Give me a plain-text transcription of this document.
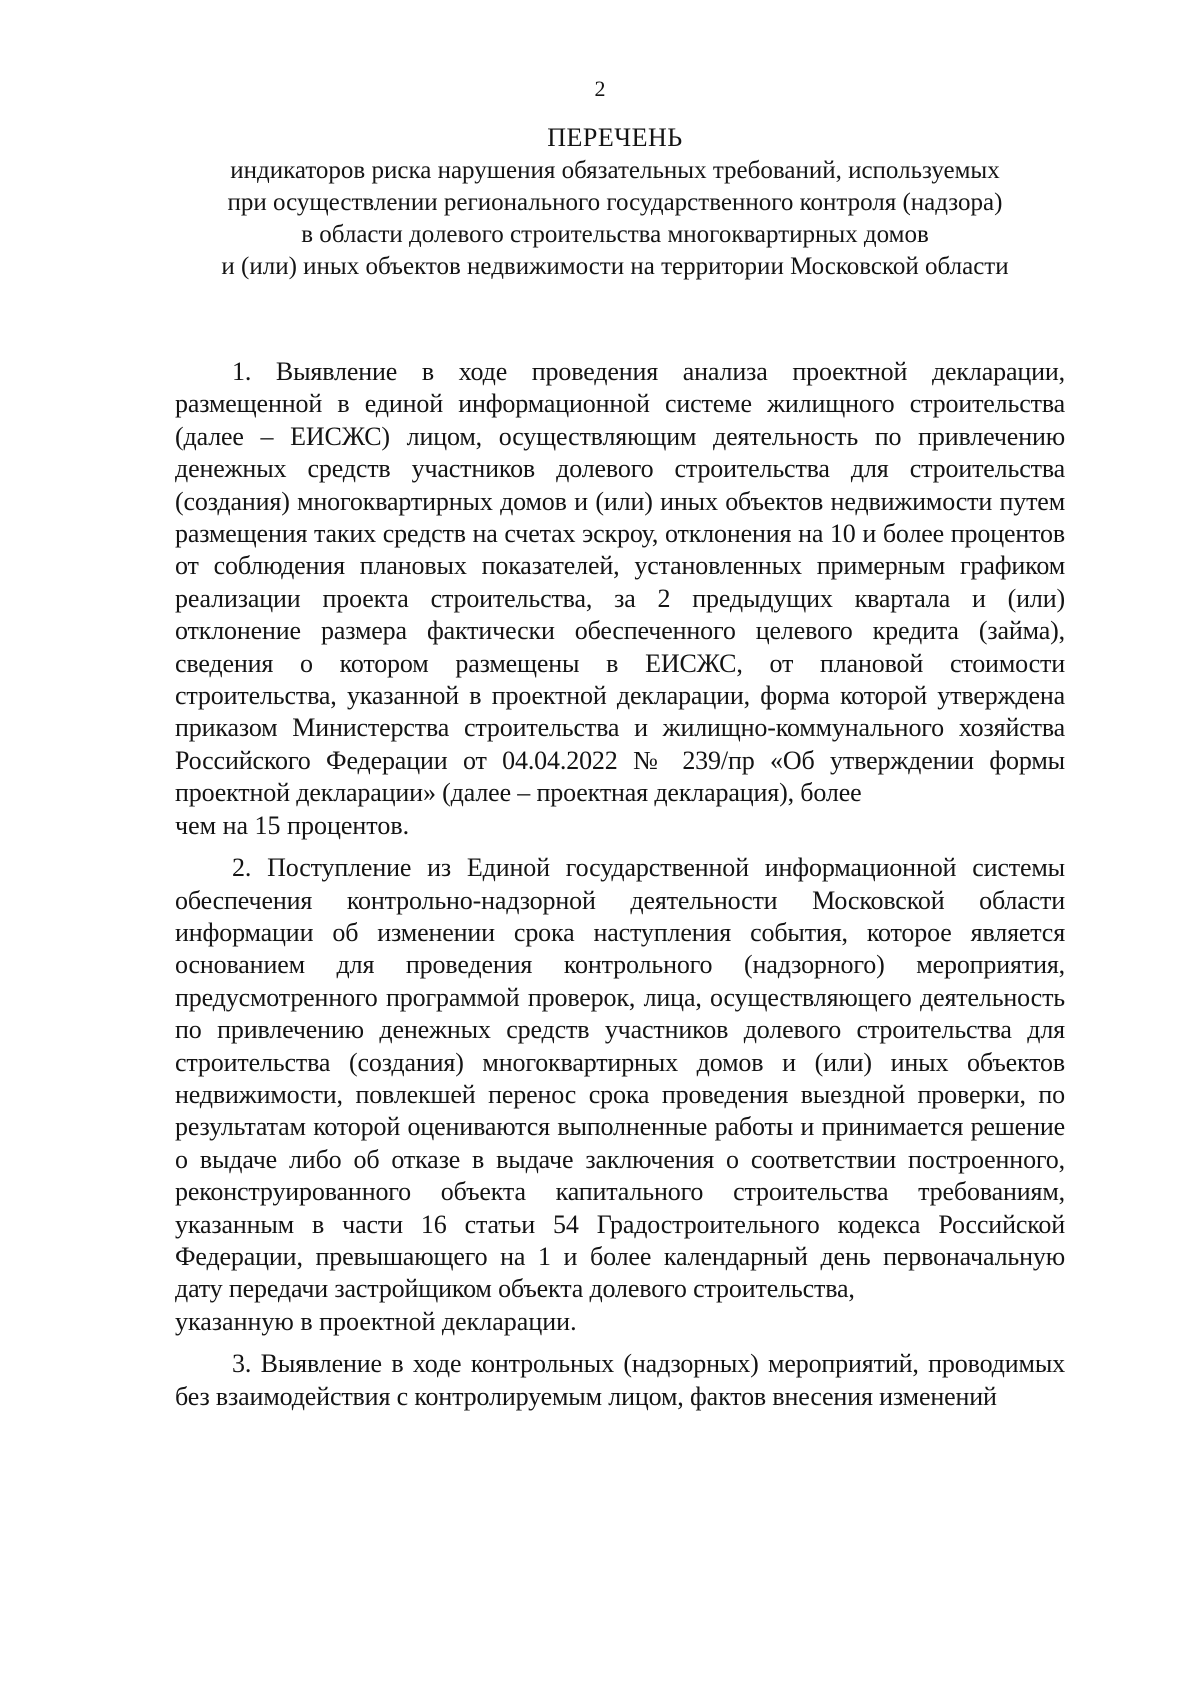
2

ПЕРЕЧЕНЬ

индикаторов риска нарушения обязательных требований, используемых

при осуществлении регионального государственного контроля (надзора)

в области долевого строительства многоквартирных домов

и (или) иных объектов недвижимости на территории Московской области

1. Выявление в ходе проведения анализа проектной декларации, размещенной в единой информационной системе жилищного строительства (далее – ЕИСЖС) лицом, осуществляющим деятельность по привлечению денежных средств участников долевого строительства для строительства (создания) многоквартирных домов и (или) иных объектов недвижимости путем размещения таких средств на счетах эскроу, отклонения на 10 и более процентов от соблюдения плановых показателей, установленных примерным графиком реализации проекта строительства, за 2 предыдущих квартала и (или) отклонение размера фактически обеспеченного целевого кредита (займа), сведения о котором размещены в ЕИСЖС, от плановой стоимости строительства, указанной в проектной декларации, форма которой утверждена приказом Министерства строительства и жилищно-коммунального хозяйства Российского Федерации от 04.04.2022 № 239/пр «Об утверждении формы проектной декларации» (далее – проектная декларация), более

чем на 15 процентов.

2. Поступление из Единой государственной информационной системы обеспечения контрольно-надзорной деятельности Московской области информации об изменении срока наступления события, которое является основанием для проведения контрольного (надзорного) мероприятия, предусмотренного программой проверок, лица, осуществляющего деятельность по привлечению денежных средств участников долевого строительства для строительства (создания) многоквартирных домов и (или) иных объектов недвижимости, повлекшей перенос срока проведения выездной проверки, по результатам которой оцениваются выполненные работы и принимается решение о выдаче либо об отказе в выдаче заключения о соответствии построенного, реконструированного объекта капитального строительства требованиям, указанным в части 16 статьи 54 Градостроительного кодекса Российской Федерации, превышающего на 1 и более календарный день первоначальную дату передачи застройщиком объекта долевого строительства,

указанную в проектной декларации.

3. Выявление в ходе контрольных (надзорных) мероприятий, проводимых без взаимодействия с контролируемым лицом, фактов внесения изменений
